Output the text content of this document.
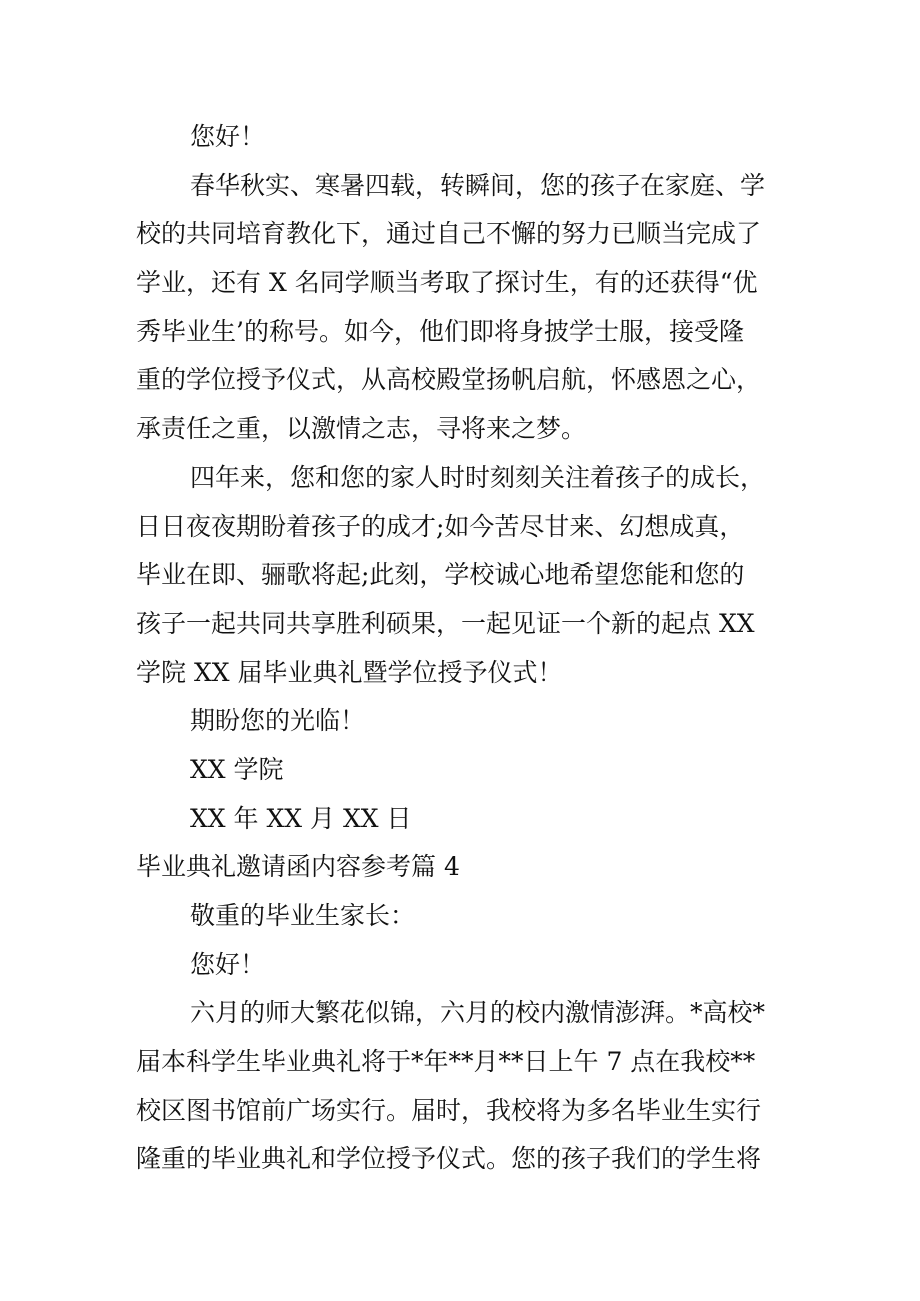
您好！
春华秋实、寒暑四载，转瞬间，您的孩子在家庭、学
校的共同培育教化下，通过自己不懈的努力已顺当完成了
学业，还有 X 名同学顺当考取了探讨生，有的还获得“优
秀毕业生’的称号。如今，他们即将身披学士服，接受隆
重的学位授予仪式，从高校殿堂扬帆启航，怀感恩之心，
承责任之重，以激情之志，寻将来之梦。
四年来，您和您的家人时时刻刻关注着孩子的成长，
日日夜夜期盼着孩子的成才;如今苦尽甘来、幻想成真，
毕业在即、骊歌将起;此刻，学校诚心地希望您能和您的
孩子一起共同共享胜利硕果，一起见证一个新的起点 XX
学院 XX 届毕业典礼暨学位授予仪式！
期盼您的光临！
XX 学院
XX 年 XX 月 XX 日
毕业典礼邀请函内容参考篇 4
敬重的毕业生家长：
您好！
六月的师大繁花似锦，六月的校内激情澎湃。*高校*
届本科学生毕业典礼将于*年**月**日上午 7 点在我校**
校区图书馆前广场实行。届时，我校将为多名毕业生实行
隆重的毕业典礼和学位授予仪式。您的孩子我们的学生将
